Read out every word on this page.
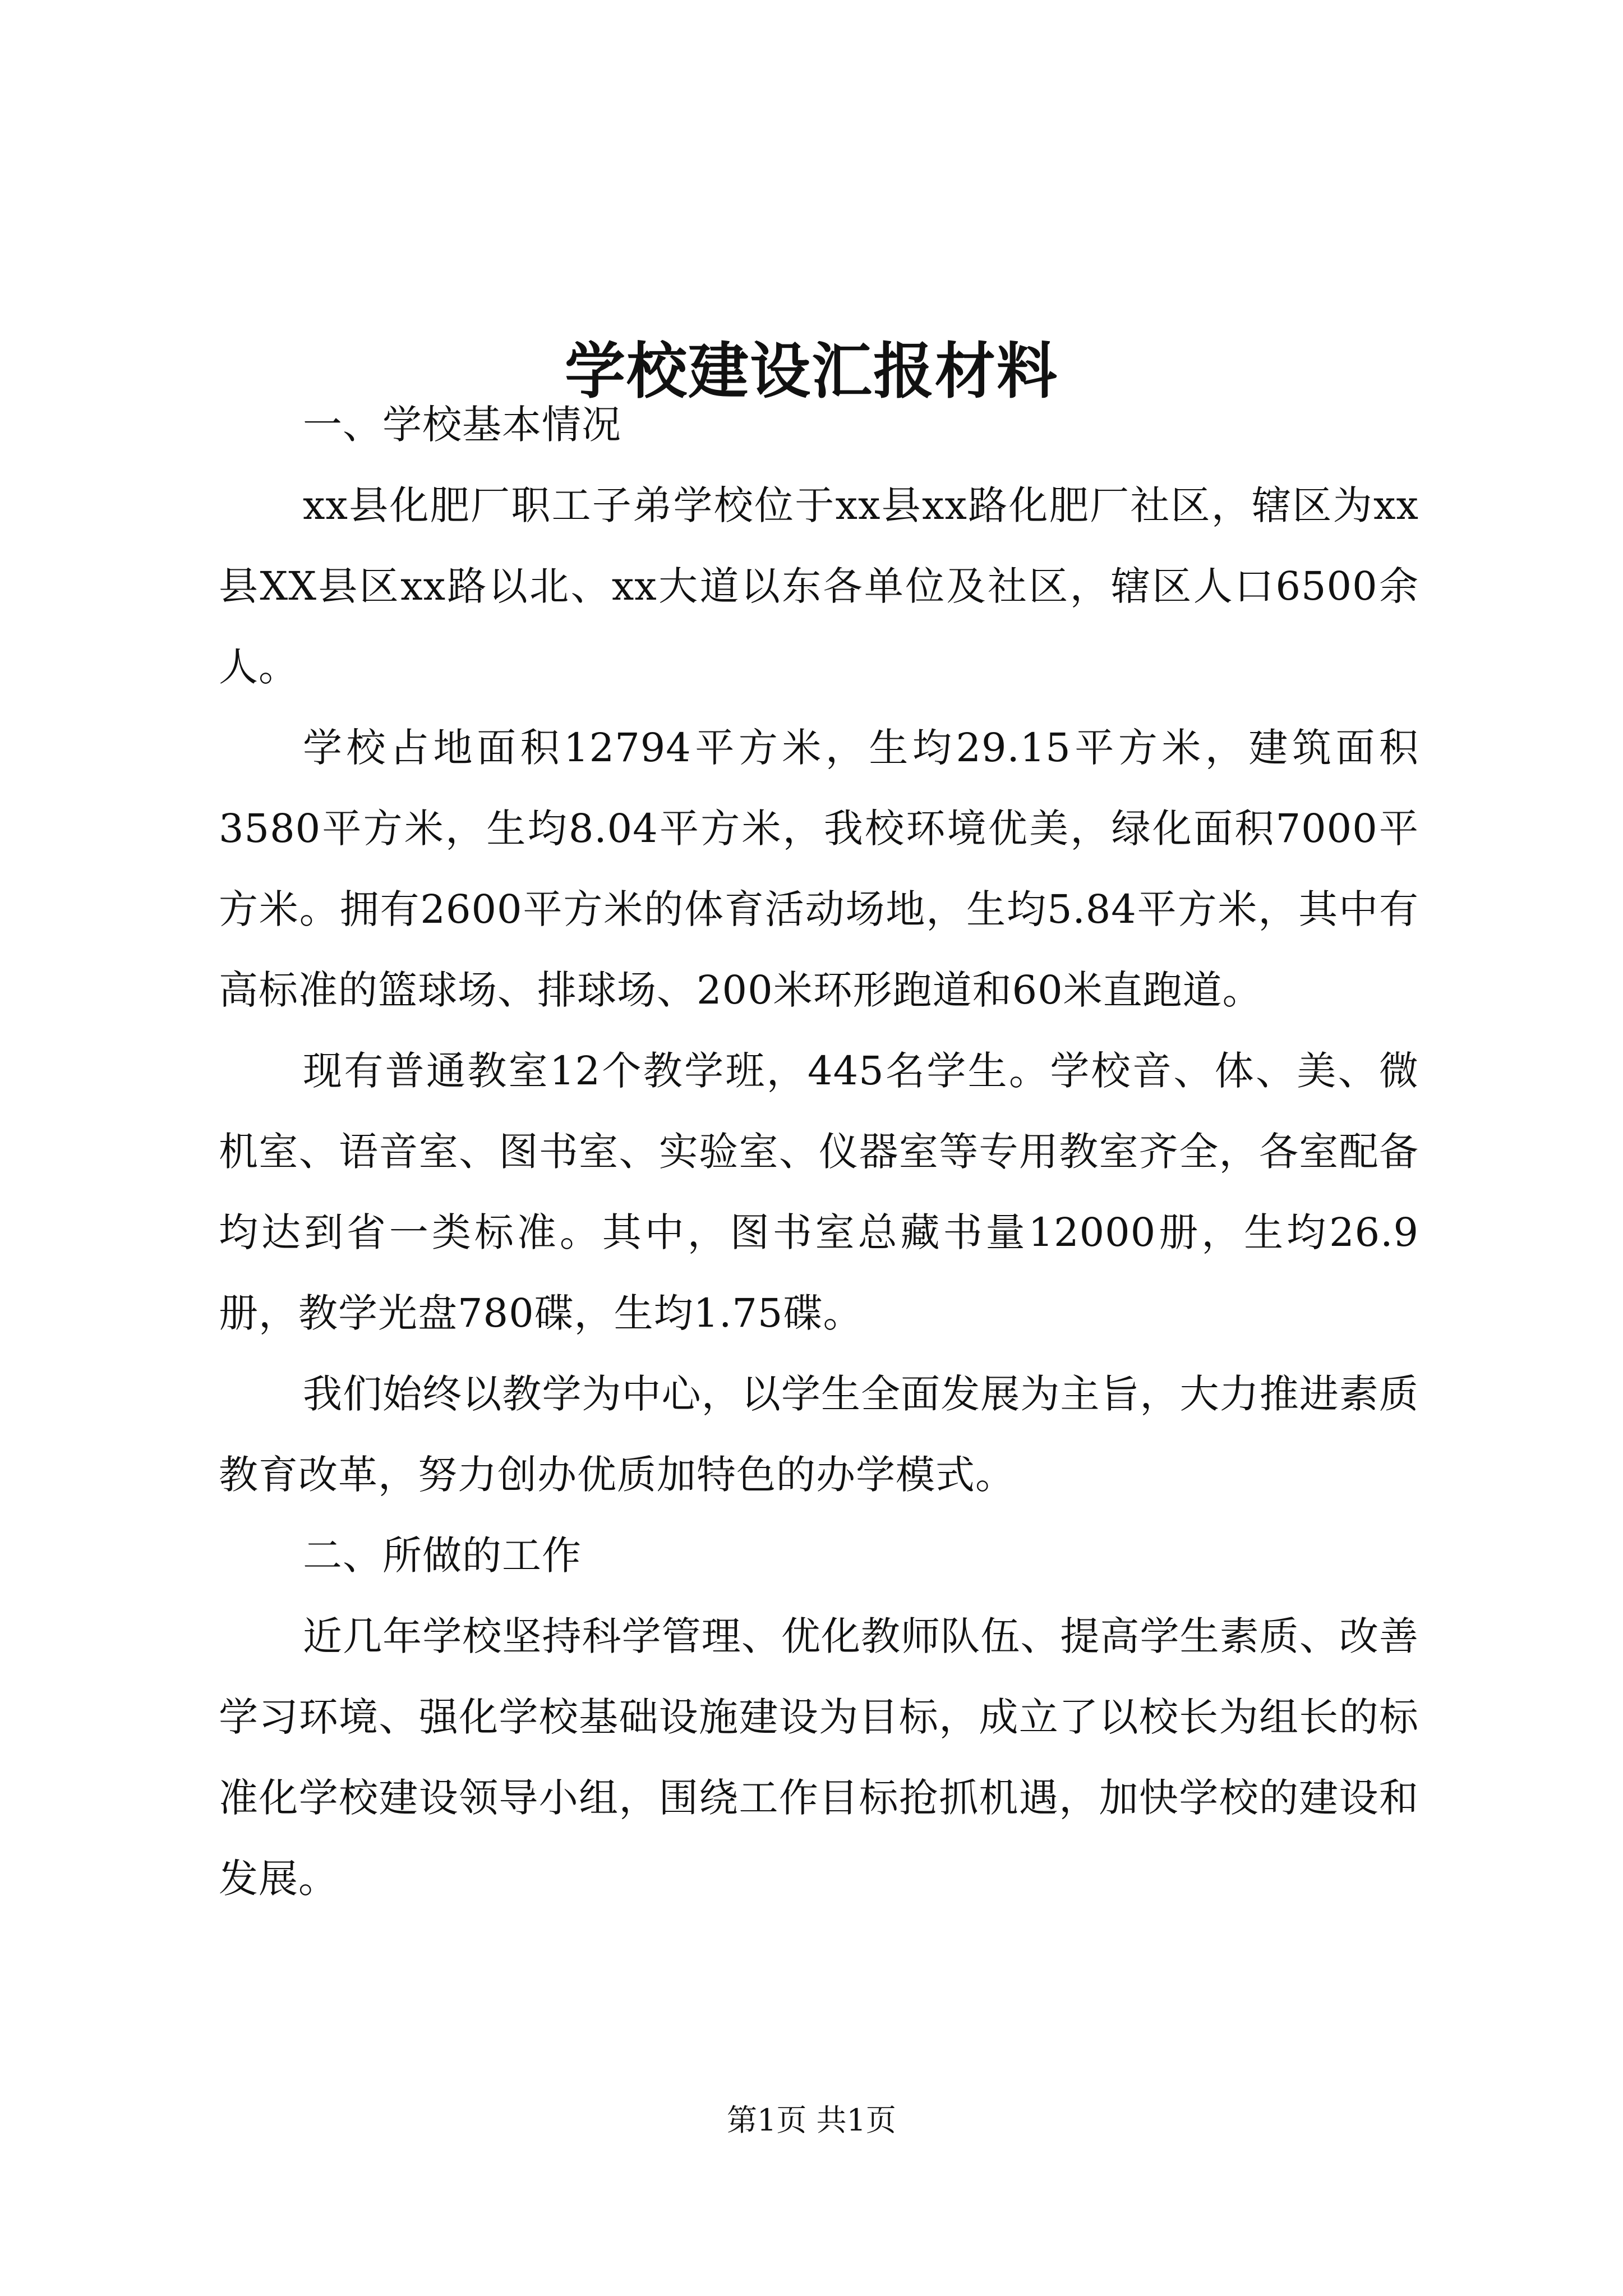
学校建设汇报材料

一、学校基本情况

xx县化肥厂职工子弟学校位于xx县xx路化肥厂社区，辖区为xx县XX县区xx路以北、xx大道以东各单位及社区，辖区人口6500余人。

学校占地面积12794平方米，生均29.15平方米，建筑面积3580平方米，生均8.04平方米，我校环境优美，绿化面积7000平方米。拥有2600平方米的体育活动场地，生均5.84平方米，其中有高标准的篮球场、排球场、200米环形跑道和60米直跑道。

现有普通教室12个教学班，445名学生。学校音、体、美、微机室、语音室、图书室、实验室、仪器室等专用教室齐全，各室配备均达到省一类标准。其中，图书室总藏书量12000册，生均26.9册，教学光盘780碟，生均1.75碟。

我们始终以教学为中心，以学生全面发展为主旨，大力推进素质教育改革，努力创办优质加特色的办学模式。

二、所做的工作

近几年学校坚持科学管理、优化教师队伍、提高学生素质、改善学习环境、强化学校基础设施建设为目标，成立了以校长为组长的标准化学校建设领导小组，围绕工作目标抢抓机遇，加快学校的建设和发展。

第1页 共1页
